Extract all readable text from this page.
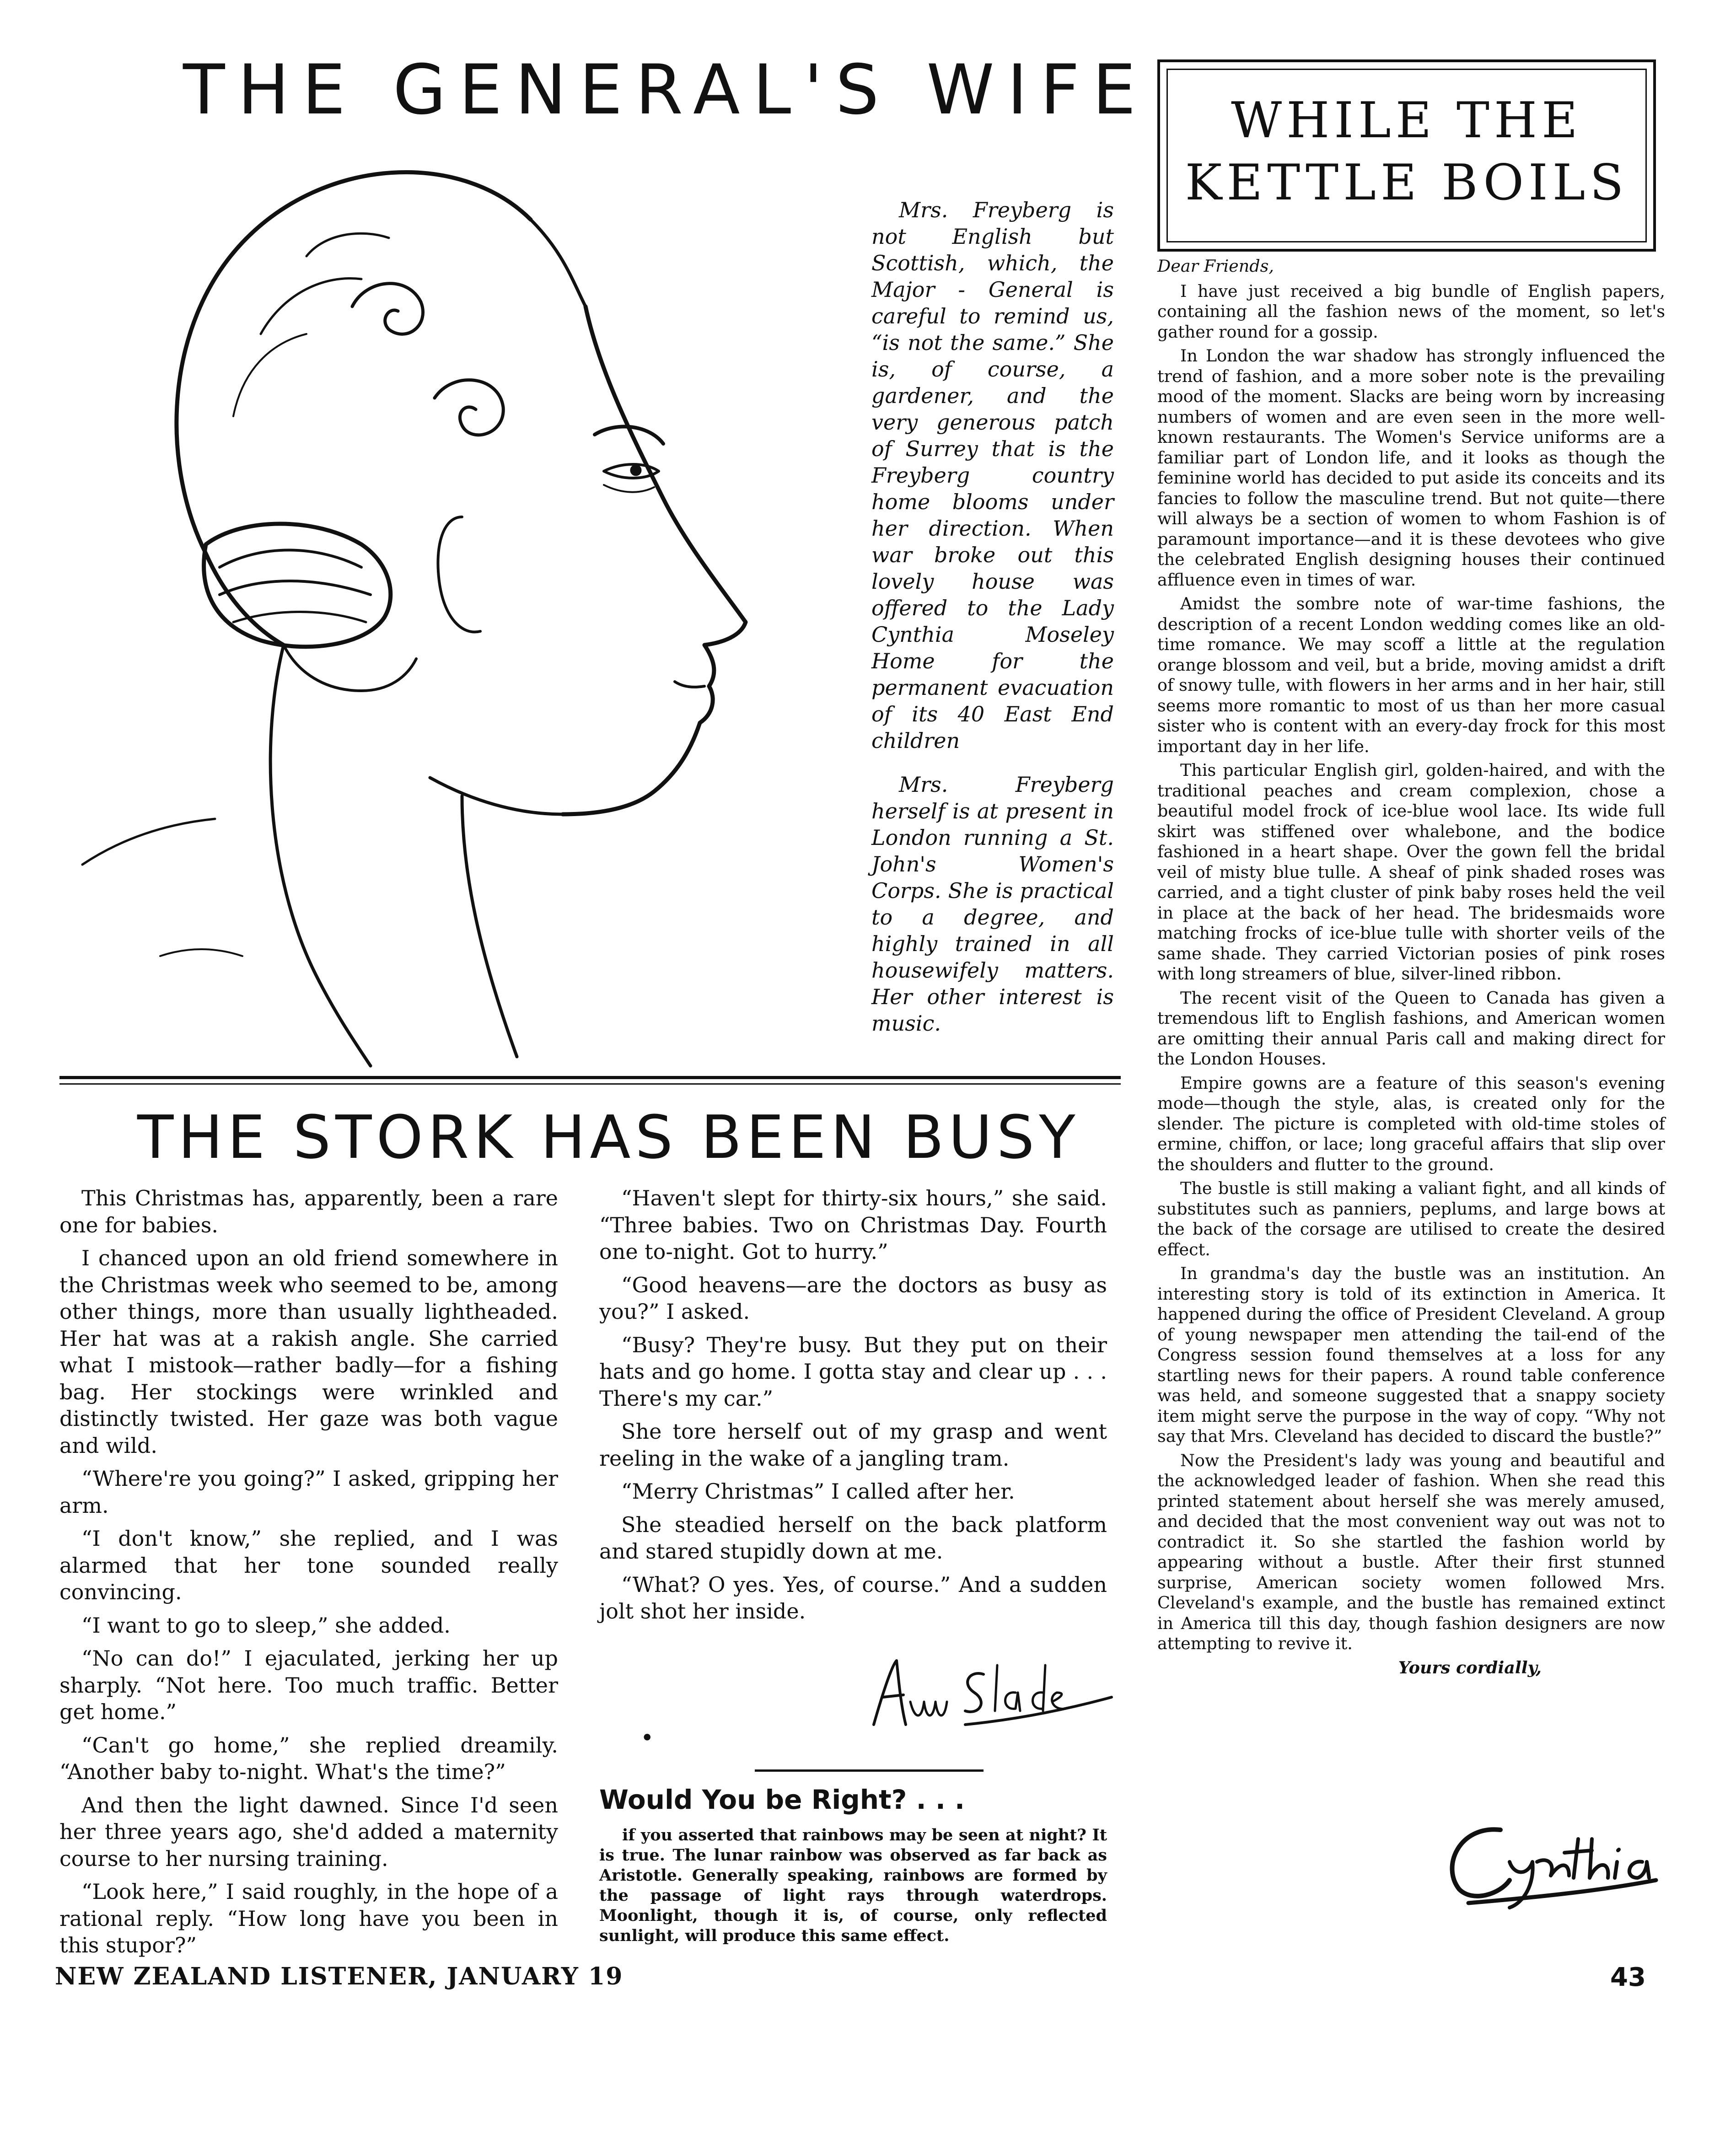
THE GENERAL'S WIFE

Mrs. Freyberg is not English but Scottish, which, the Major - General is careful to remind us, “is not the same.” She is, of course, a gardener, and the very generous patch of Surrey that is the Freyberg country home blooms under her direction. When war broke out this lovely house was offered to the Lady Cynthia Moseley Home for the permanent evacuation of its 40 East End children

Mrs. Freyberg herself is at present in London running a St. John's Women's Corps. She is practical to a degree, and highly trained in all housewifely matters. Her other interest is music.

WHILE THE
KETTLE BOILS

Dear Friends,

I have just received a big bundle of English papers, containing all the fashion news of the moment, so let's gather round for a gossip.

In London the war shadow has strongly influenced the trend of fashion, and a more sober note is the prevailing mood of the moment. Slacks are being worn by increasing numbers of women and are even seen in the more well-known restaurants. The Women's Service uniforms are a familiar part of London life, and it looks as though the feminine world has decided to put aside its conceits and its fancies to follow the masculine trend. But not quite—there will always be a section of women to whom Fashion is of paramount importance—and it is these devotees who give the celebrated English designing houses their continued affluence even in times of war.

Amidst the sombre note of war-time fashions, the description of a recent London wedding comes like an old-time romance. We may scoff a little at the regulation orange blossom and veil, but a bride, moving amidst a drift of snowy tulle, with flowers in her arms and in her hair, still seems more romantic to most of us than her more casual sister who is content with an every-day frock for this most important day in her life.

This particular English girl, golden-haired, and with the traditional peaches and cream complexion, chose a beautiful model frock of ice-blue wool lace. Its wide full skirt was stiffened over whalebone, and the bodice fashioned in a heart shape. Over the gown fell the bridal veil of misty blue tulle. A sheaf of pink shaded roses was carried, and a tight cluster of pink baby roses held the veil in place at the back of her head. The bridesmaids wore matching frocks of ice-blue tulle with shorter veils of the same shade. They carried Victorian posies of pink roses with long streamers of blue, silver-lined ribbon.

The recent visit of the Queen to Canada has given a tremendous lift to English fashions, and American women are omitting their annual Paris call and making direct for the London Houses.

Empire gowns are a feature of this season's evening mode—though the style, alas, is created only for the slender. The picture is completed with old-time stoles of ermine, chiffon, or lace; long graceful affairs that slip over the shoulders and flutter to the ground.

The bustle is still making a valiant fight, and all kinds of substitutes such as panniers, peplums, and large bows at the back of the corsage are utilised to create the desired effect.

In grandma's day the bustle was an institution. An interesting story is told of its extinction in America. It happened during the office of President Cleveland. A group of young newspaper men attending the tail-end of the Congress session found themselves at a loss for any startling news for their papers. A round table conference was held, and someone suggested that a snappy society item might serve the purpose in the way of copy. “Why not say that Mrs. Cleveland has decided to discard the bustle?”

Now the President's lady was young and beautiful and the acknowledged leader of fashion. When she read this printed statement about herself she was merely amused, and decided that the most convenient way out was not to contradict it. So she startled the fashion world by appearing without a bustle. After their first stunned surprise, American society women followed Mrs. Cleveland's example, and the bustle has remained extinct in America till this day, though fashion designers are now attempting to revive it.

Yours cordially,

Cynthia
THE STORK HAS BEEN BUSY

This Christmas has, apparently, been a rare one for babies.

I chanced upon an old friend somewhere in the Christmas week who seemed to be, among other things, more than usually lightheaded. Her hat was at a rakish angle. She carried what I mistook—rather badly—for a fishing bag. Her stockings were wrinkled and distinctly twisted. Her gaze was both vague and wild.

“Where're you going?” I asked, gripping her arm.

“I don't know,” she replied, and I was alarmed that her tone sounded really convincing.

“I want to go to sleep,” she added.

“No can do!” I ejaculated, jerking her up sharply. “Not here. Too much traffic. Better get home.”

“Can't go home,” she replied dreamily. “Another baby to-night. What's the time?”

And then the light dawned. Since I'd seen her three years ago, she'd added a maternity course to her nursing training.

“Look here,” I said roughly, in the hope of a rational reply. “How long have you been in this stupor?”

“Haven't slept for thirty-six hours,” she said. “Three babies. Two on Christmas Day. Fourth one to-night. Got to hurry.”

“Good heavens—are the doctors as busy as you?” I asked.

“Busy? They're busy. But they put on their hats and go home. I gotta stay and clear up . . . There's my car.”

She tore herself out of my grasp and went reeling in the wake of a jangling tram.

“Merry Christmas” I called after her.

She steadied herself on the back platform and stared stupidly down at me.

“What? O yes. Yes, of course.” And a sudden jolt shot her inside.

Ann Slade
•
Would You be Right? . . .

if you asserted that rainbows may be seen at night? It is true. The lunar rainbow was observed as far back as Aristotle. Generally speaking, rainbows are formed by the passage of light rays through waterdrops. Moonlight, though it is, of course, only reflected sunlight, will produce this same effect.

NEW ZEALAND LISTENER, JANUARY 19	43
